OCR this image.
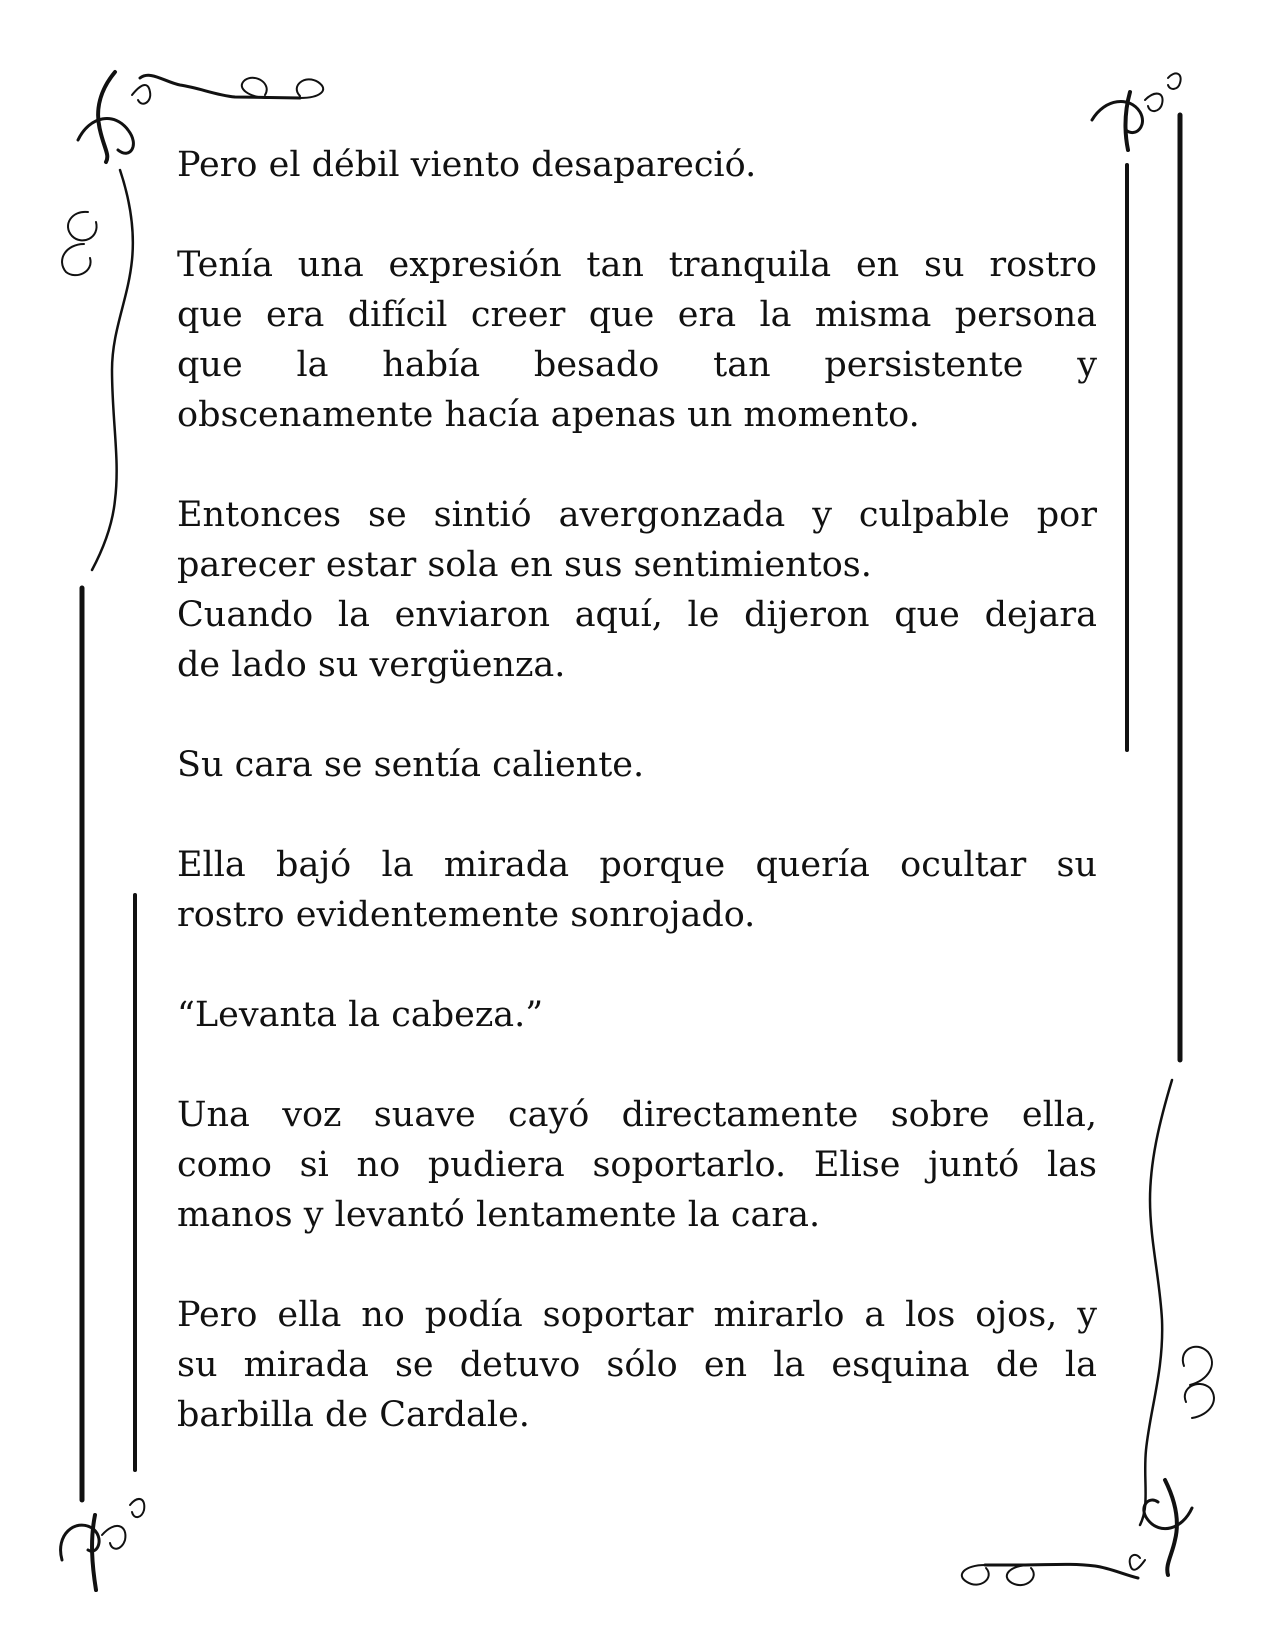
Pero el débil viento desapareció.

Tenía una expresión tan tranquila en su rostro
que era difícil creer que era la misma persona
que la había besado tan persistente y
obscenamente hacía apenas un momento.

Entonces se sintió avergonzada y culpable por
parecer estar sola en sus sentimientos.
Cuando la enviaron aquí, le dijeron que dejara
de lado su vergüenza.

Su cara se sentía caliente.

Ella bajó la mirada porque quería ocultar su
rostro evidentemente sonrojado.

“Levanta la cabeza.”

Una voz suave cayó directamente sobre ella,
como si no pudiera soportarlo. Elise juntó las
manos y levantó lentamente la cara.

Pero ella no podía soportar mirarlo a los ojos, y
su mirada se detuvo sólo en la esquina de la
barbilla de Cardale.
